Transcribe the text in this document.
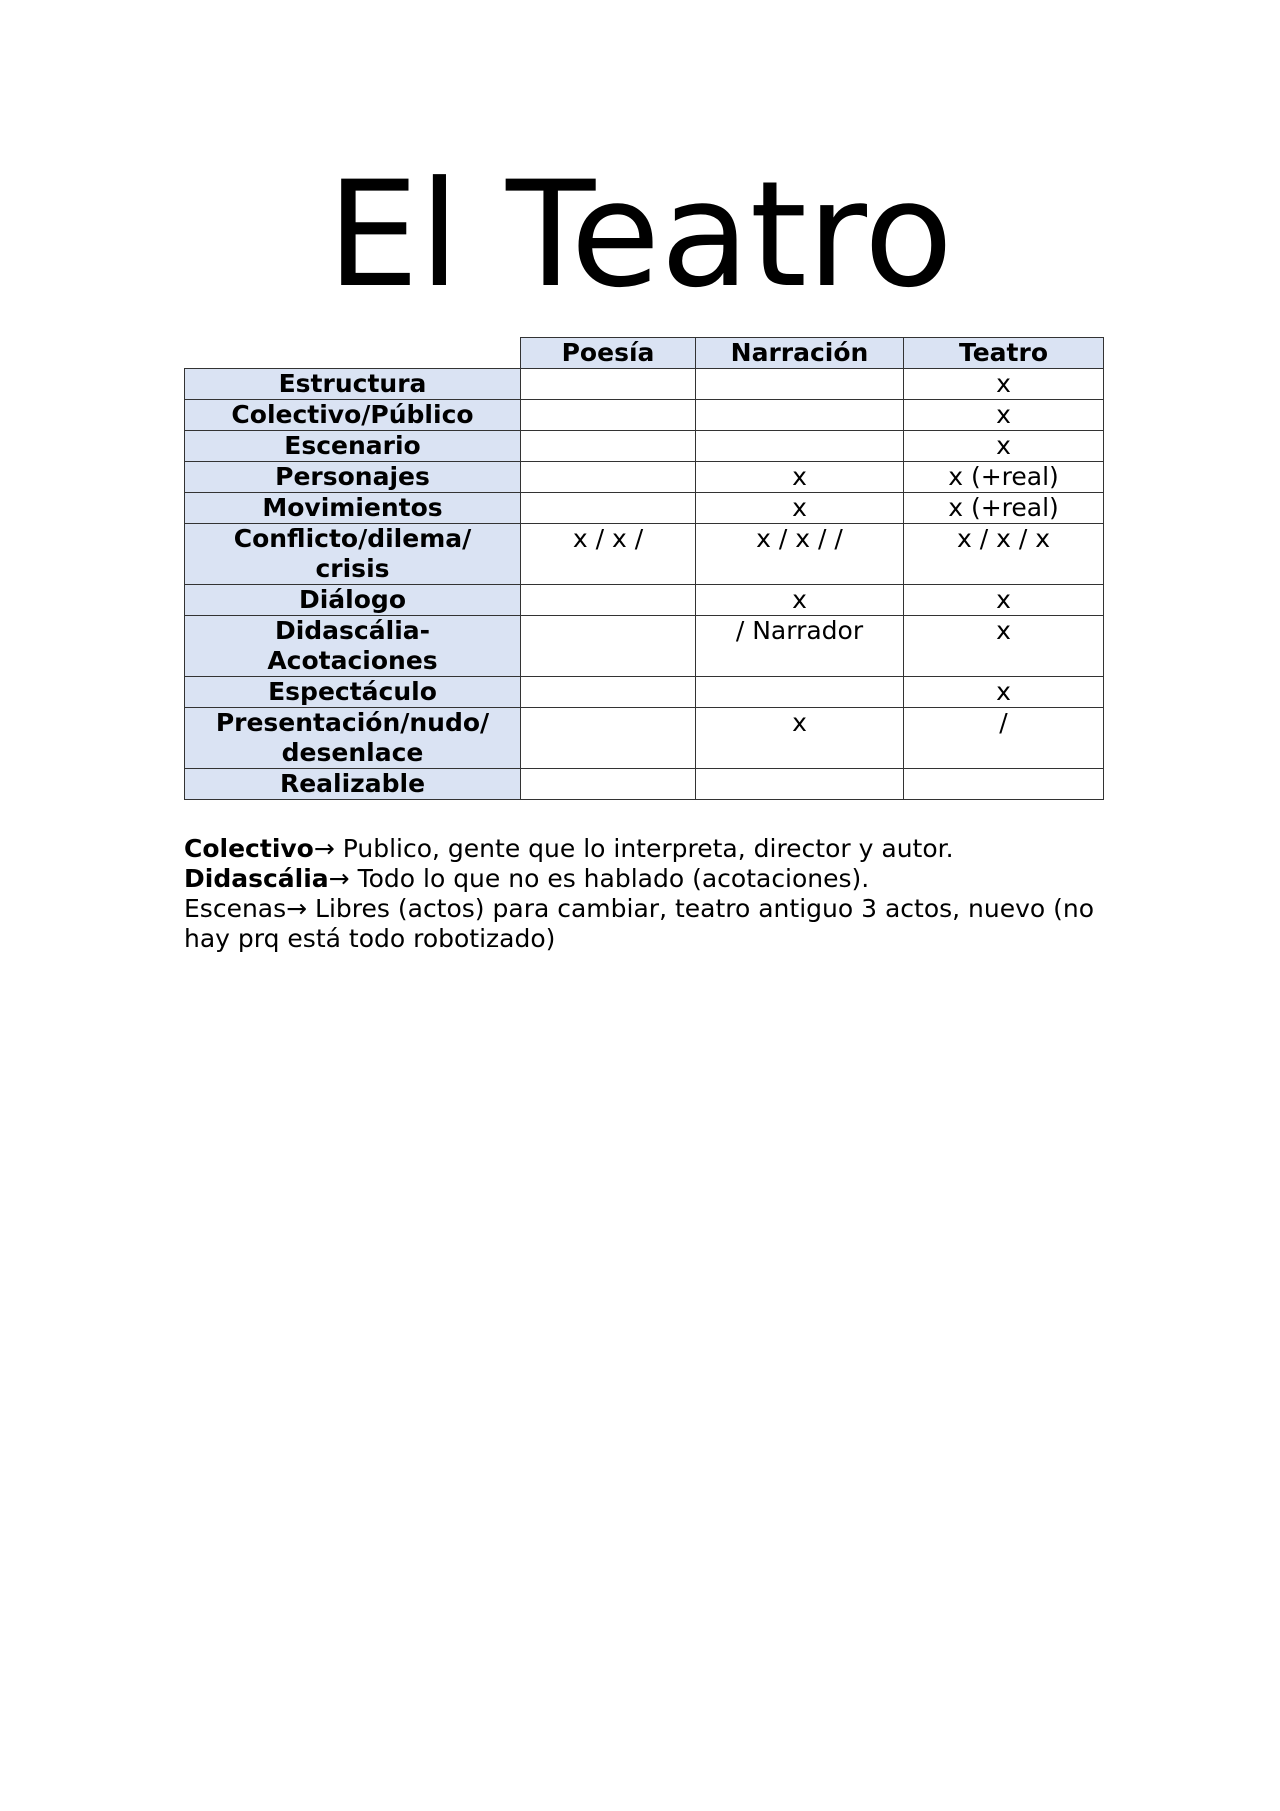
El Teatro
	Poesía	Narración	Teatro
Estructura			x
Colectivo/Público			x
Escenario			x
Personajes		x	x (+real)
Movimientos		x	x (+real)
Conflicto/dilema/
crisis	x / x /	x / x / /	x / x / x
Diálogo		x	x
Didascália-
Acotaciones		/ Narrador	x
Espectáculo			x
Presentación/nudo/
desenlace		x	/
Realizable			

Colectivo→ Publico, gente que lo interpreta, director y autor.

Didascália→ Todo lo que no es hablado (acotaciones).

Escenas→ Libres (actos) para cambiar, teatro antiguo 3 actos, nuevo (no hay prq está todo robotizado)
